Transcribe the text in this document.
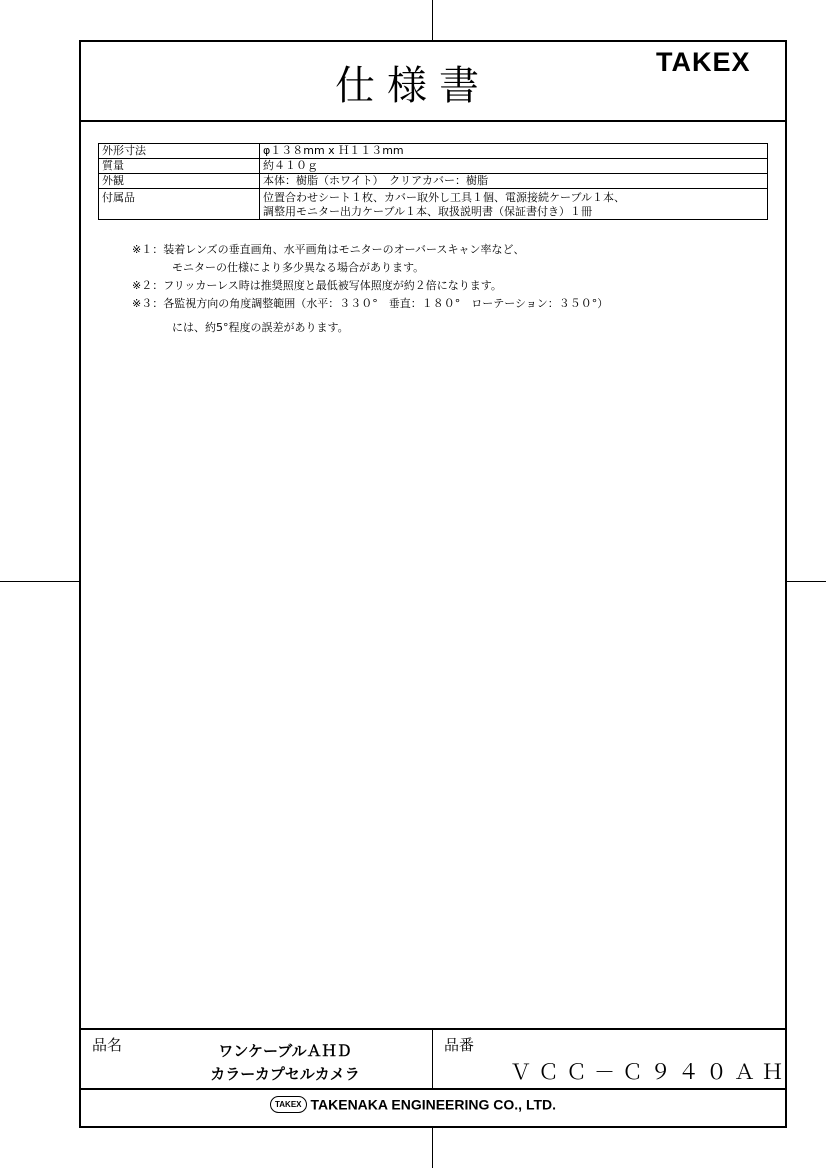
仕様書
TAKEX
外形寸法	φ１３８mm x Ｈ１１３mm
質量	約４１０ｇ
外観	本体：樹脂（ホワイト）　クリアカバー：樹脂
付属品	位置合わせシート１枚、カバー取外し工具１個、電源接続ケーブル１本、
調整用モニター出力ケーブル１本、取扱説明書（保証書付き）１冊
※１：装着レンズの垂直画角、水平画角はモニターのオーバースキャン率など、
モニターの仕様により多少異なる場合があります。
※２：フリッカーレス時は推奨照度と最低被写体照度が約２倍になります。
※３：各監視方向の角度調整範囲（水平：３３０°　垂直：１８０°　ローテーション：３５０°）
には、約5°程度の誤差があります。
品名	ワンケーブルＡＨＤ
カラーカプセルカメラ
品番
ＶＣＣ－Ｃ９４０ＡＨ
TAKEX TAKENAKA ENGINEERING CO., LTD.
